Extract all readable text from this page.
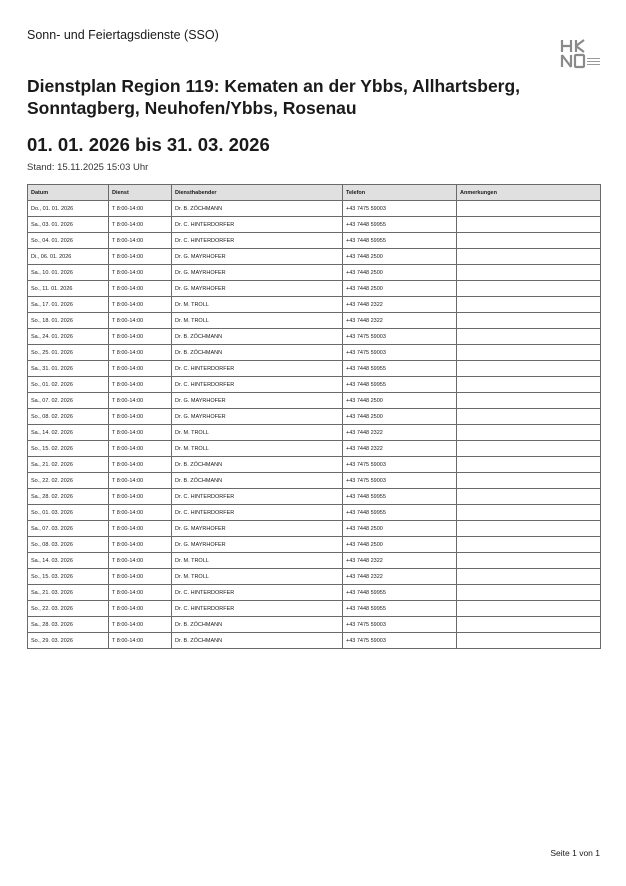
Sonn- und Feiertagsdienste (SSO)
Dienstplan Region 119: Kematen an der Ybbs, Allhartsberg, Sonntagberg, Neuhofen/Ybbs, Rosenau
01. 01. 2026 bis 31. 03. 2026
Stand: 15.11.2025 15:03 Uhr
Datum	Dienst	Diensthabender	Telefon	Anmerkungen
Do., 01. 01. 2026	T 8:00-14:00	Dr. B. ZÖCHMANN	+43 7475 59003	
Sa., 03. 01. 2026	T 8:00-14:00	Dr. C. HINTERDORFER	+43 7448 59955	
So., 04. 01. 2026	T 8:00-14:00	Dr. C. HINTERDORFER	+43 7448 59955	
Di., 06. 01. 2026	T 8:00-14:00	Dr. G. MAYRHOFER	+43 7448 2500	
Sa., 10. 01. 2026	T 8:00-14:00	Dr. G. MAYRHOFER	+43 7448 2500	
So., 11. 01. 2026	T 8:00-14:00	Dr. G. MAYRHOFER	+43 7448 2500	
Sa., 17. 01. 2026	T 8:00-14:00	Dr. M. TROLL	+43 7448 2322	
So., 18. 01. 2026	T 8:00-14:00	Dr. M. TROLL	+43 7448 2322	
Sa., 24. 01. 2026	T 8:00-14:00	Dr. B. ZÖCHMANN	+43 7475 59003	
So., 25. 01. 2026	T 8:00-14:00	Dr. B. ZÖCHMANN	+43 7475 59003	
Sa., 31. 01. 2026	T 8:00-14:00	Dr. C. HINTERDORFER	+43 7448 59955	
So., 01. 02. 2026	T 8:00-14:00	Dr. C. HINTERDORFER	+43 7448 59955	
Sa., 07. 02. 2026	T 8:00-14:00	Dr. G. MAYRHOFER	+43 7448 2500	
So., 08. 02. 2026	T 8:00-14:00	Dr. G. MAYRHOFER	+43 7448 2500	
Sa., 14. 02. 2026	T 8:00-14:00	Dr. M. TROLL	+43 7448 2322	
So., 15. 02. 2026	T 8:00-14:00	Dr. M. TROLL	+43 7448 2322	
Sa., 21. 02. 2026	T 8:00-14:00	Dr. B. ZÖCHMANN	+43 7475 59003	
So., 22. 02. 2026	T 8:00-14:00	Dr. B. ZÖCHMANN	+43 7475 59003	
Sa., 28. 02. 2026	T 8:00-14:00	Dr. C. HINTERDORFER	+43 7448 59955	
So., 01. 03. 2026	T 8:00-14:00	Dr. C. HINTERDORFER	+43 7448 59955	
Sa., 07. 03. 2026	T 8:00-14:00	Dr. G. MAYRHOFER	+43 7448 2500	
So., 08. 03. 2026	T 8:00-14:00	Dr. G. MAYRHOFER	+43 7448 2500	
Sa., 14. 03. 2026	T 8:00-14:00	Dr. M. TROLL	+43 7448 2322	
So., 15. 03. 2026	T 8:00-14:00	Dr. M. TROLL	+43 7448 2322	
Sa., 21. 03. 2026	T 8:00-14:00	Dr. C. HINTERDORFER	+43 7448 59955	
So., 22. 03. 2026	T 8:00-14:00	Dr. C. HINTERDORFER	+43 7448 59955	
Sa., 28. 03. 2026	T 8:00-14:00	Dr. B. ZÖCHMANN	+43 7475 59003	
So., 29. 03. 2026	T 8:00-14:00	Dr. B. ZÖCHMANN	+43 7475 59003	
Seite 1 von 1
